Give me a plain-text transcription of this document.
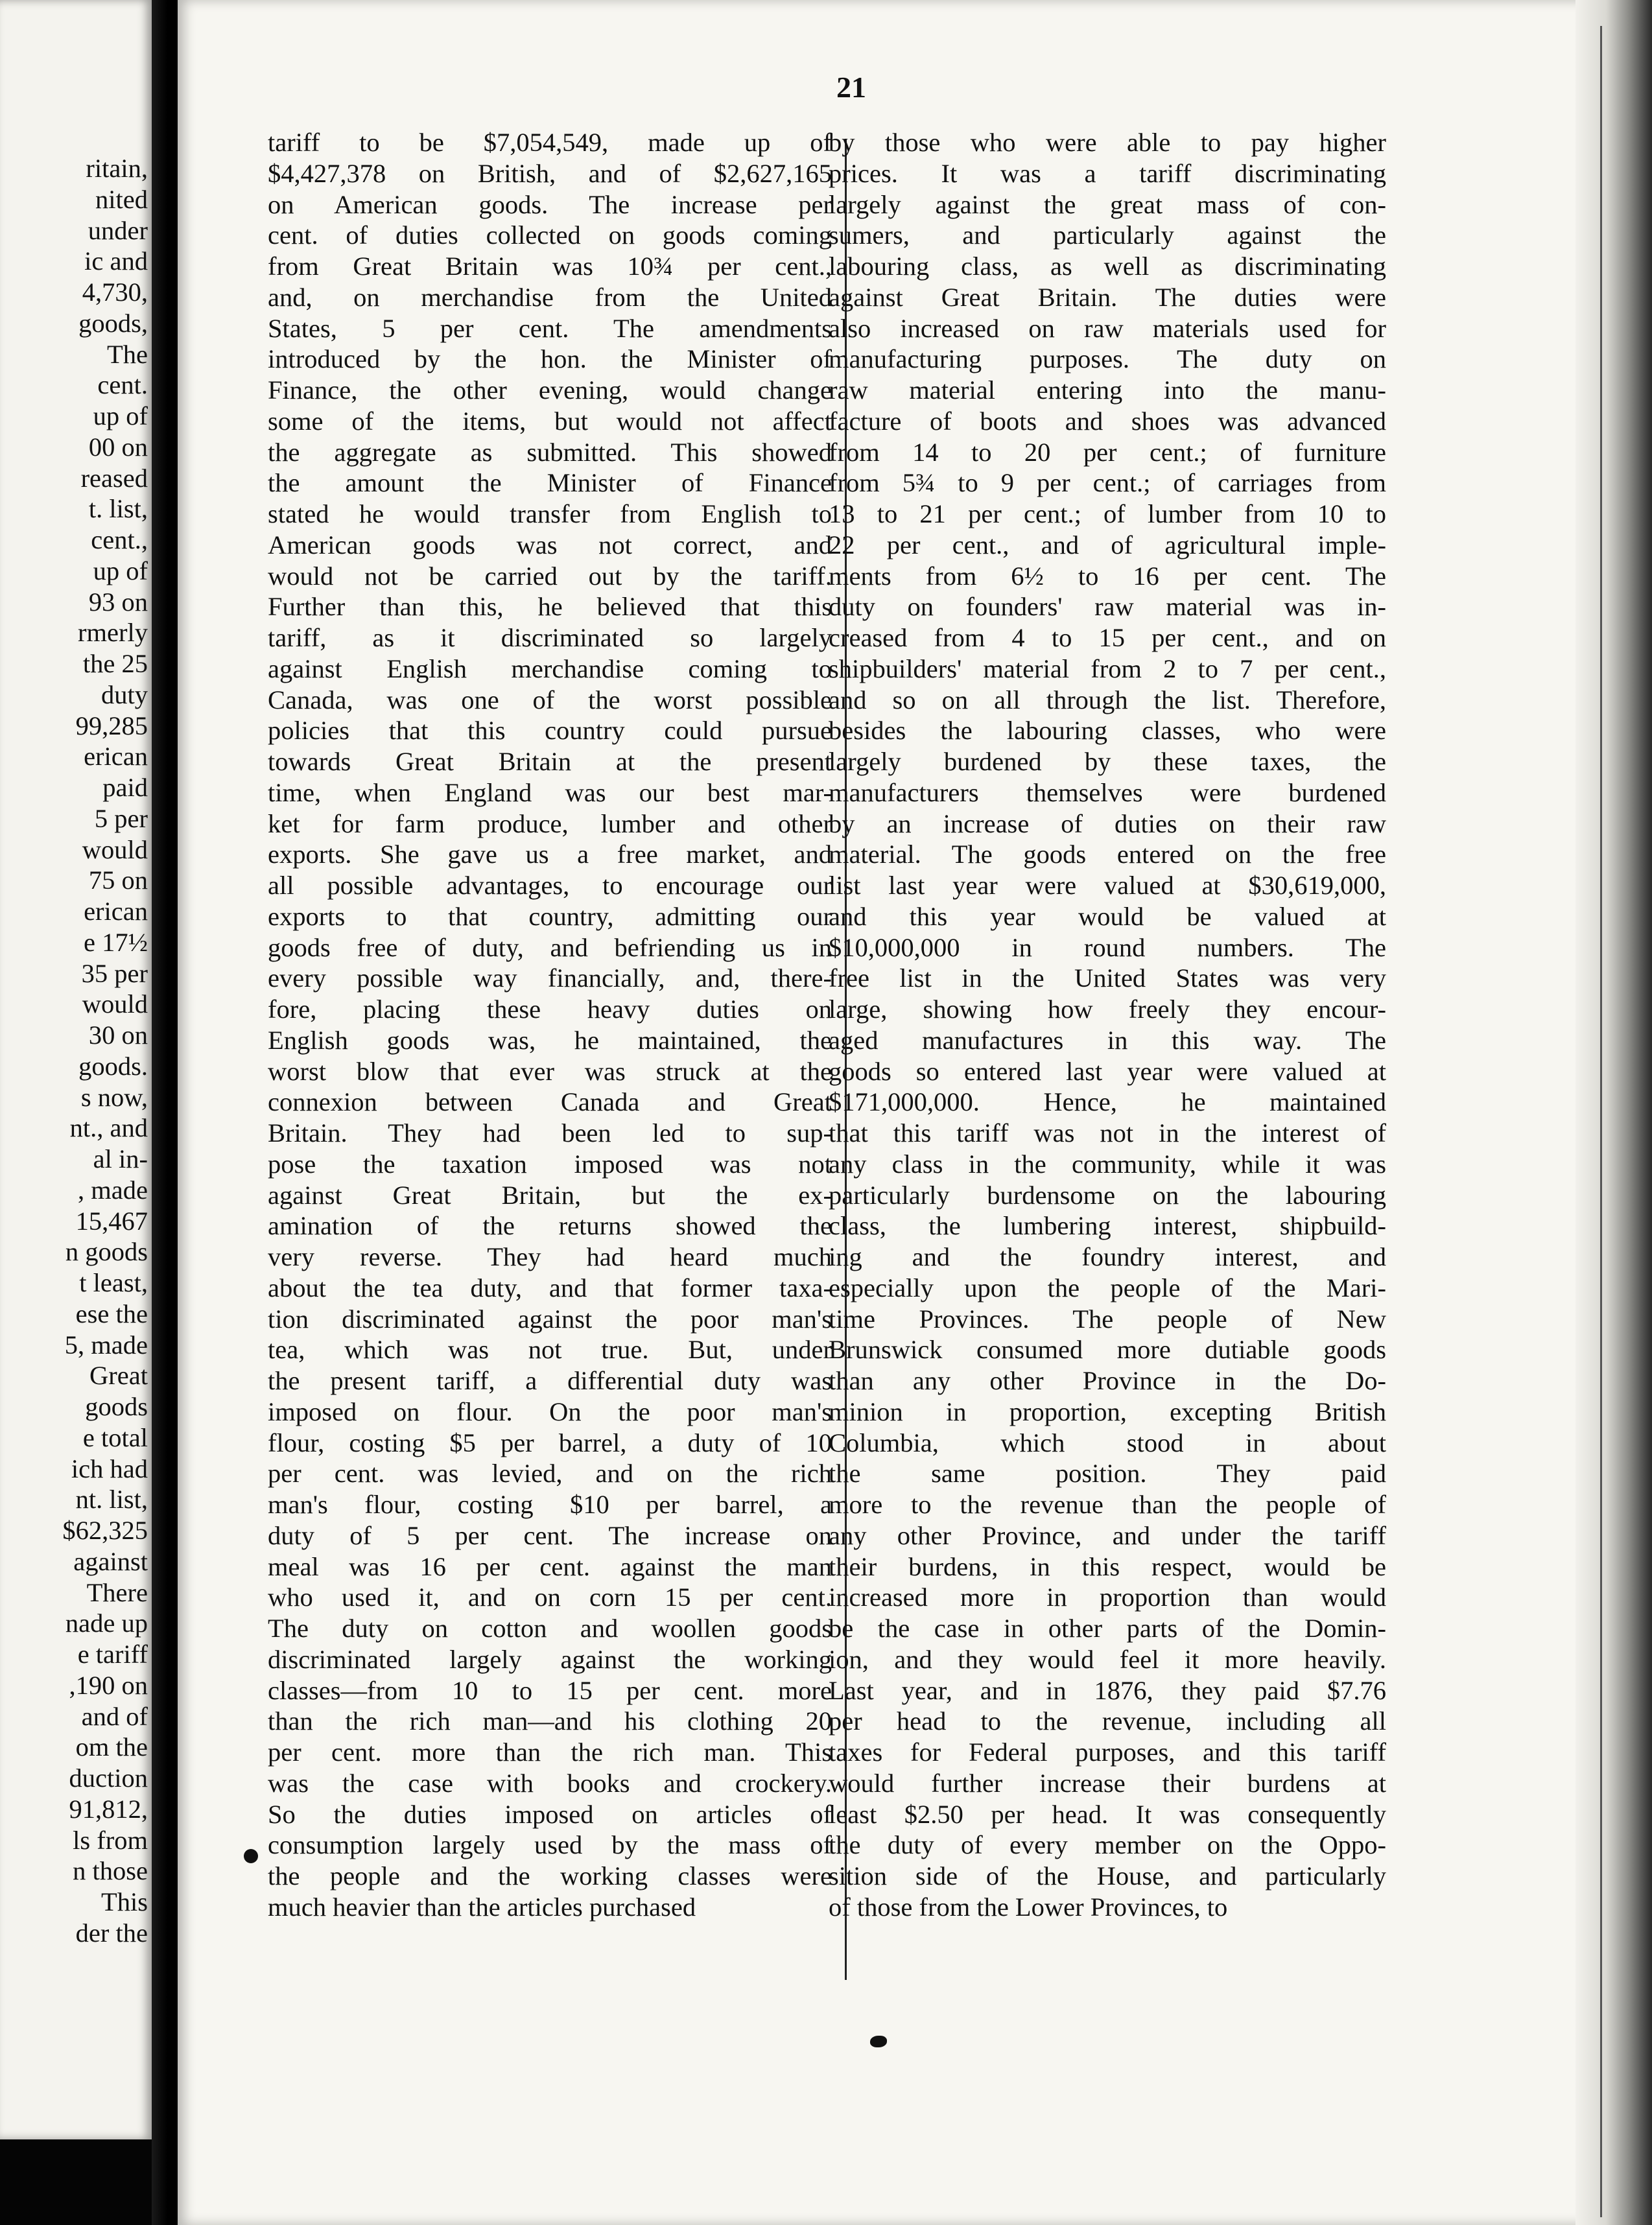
ritain,
nited
under
ic and
4,730,
goods,
The
cent.
up of
00 on
reased
t. list,
cent.,
up of
93 on
rmerly
the 25
duty
99,285
erican
paid
5 per
would
75 on
erican
e 17½
35 per
would
30 on
goods.
s now,
nt., and
al in-
, made
15,467
n goods
t least,
ese the
5, made
Great
goods
e total
ich had
nt. list,
$62,325
against
There
nade up
e tariff
,190 on
and of
om the
duction
91,812,
ls from
n those
This
der the
21
tariff to be $7,054,549, made up of
$4,427,378 on British, and of $2,627,165
on American goods. The increase per
cent. of duties collected on goods coming
from Great Britain was 10¾ per cent.,
and, on merchandise from the United
States, 5 per cent. The amendments
introduced by the hon. the Minister of
Finance, the other evening, would change
some of the items, but would not affect
the aggregate as submitted. This showed
the amount the Minister of Finance
stated he would transfer from English to
American goods was not correct, and
would not be carried out by the tariff.
Further than this, he believed that this
tariff, as it discriminated so largely
against English merchandise coming to
Canada, was one of the worst possible
policies that this country could pursue
towards Great Britain at the present
time, when England was our best mar-
ket for farm produce, lumber and other
exports. She gave us a free market, and
all possible advantages, to encourage our
exports to that country, admitting our
goods free of duty, and befriending us in
every possible way financially, and, there-
fore, placing these heavy duties on
English goods was, he maintained, the
worst blow that ever was struck at the
connexion between Canada and Great
Britain. They had been led to sup-
pose the taxation imposed was not
against Great Britain, but the ex-
amination of the returns showed the
very reverse. They had heard much
about the tea duty, and that former taxa-
tion discriminated against the poor man's
tea, which was not true. But, under
the present tariff, a differential duty was
imposed on flour. On the poor man's
flour, costing $5 per barrel, a duty of 10
per cent. was levied, and on the rich
man's flour, costing $10 per barrel, a
duty of 5 per cent. The increase on
meal was 16 per cent. against the man
who used it, and on corn 15 per cent.
The duty on cotton and woollen goods
discriminated largely against the working
classes—from 10 to 15 per cent. more
than the rich man—and his clothing 20
per cent. more than the rich man. This
was the case with books and crockery.
So the duties imposed on articles of
consumption largely used by the mass of
the people and the working classes were
much heavier than the articles purchased
by those who were able to pay higher
prices. It was a tariff discriminating
largely against the great mass of con-
sumers, and particularly against the
labouring class, as well as discriminating
against Great Britain. The duties were
also increased on raw materials used for
manufacturing purposes. The duty on
raw material entering into the manu-
facture of boots and shoes was advanced
from 14 to 20 per cent.; of furniture
from 5¾ to 9 per cent.; of carriages from
13 to 21 per cent.; of lumber from 10 to
22 per cent., and of agricultural imple-
ments from 6½ to 16 per cent. The
duty on founders' raw material was in-
creased from 4 to 15 per cent., and on
shipbuilders' material from 2 to 7 per cent.,
and so on all through the list. Therefore,
besides the labouring classes, who were
largely burdened by these taxes, the
manufacturers themselves were burdened
by an increase of duties on their raw
material. The goods entered on the free
list last year were valued at $30,619,000,
and this year would be valued at
$10,000,000 in round numbers. The
free list in the United States was very
large, showing how freely they encour-
aged manufactures in this way. The
goods so entered last year were valued at
$171,000,000. Hence, he maintained
that this tariff was not in the interest of
any class in the community, while it was
particularly burdensome on the labouring
class, the lumbering interest, shipbuild-
ing and the foundry interest, and
especially upon the people of the Mari-
time Provinces. The people of New
Brunswick consumed more dutiable goods
than any other Province in the Do-
minion in proportion, excepting British
Columbia, which stood in about
the same position. They paid
more to the revenue than the people of
any other Province, and under the tariff
their burdens, in this respect, would be
increased more in proportion than would
be the case in other parts of the Domin-
ion, and they would feel it more heavily.
Last year, and in 1876, they paid $7.76
per head to the revenue, including all
taxes for Federal purposes, and this tariff
would further increase their burdens at
least $2.50 per head. It was consequently
the duty of every member on the Oppo-
sition side of the House, and particularly
of those from the Lower Provinces, to
